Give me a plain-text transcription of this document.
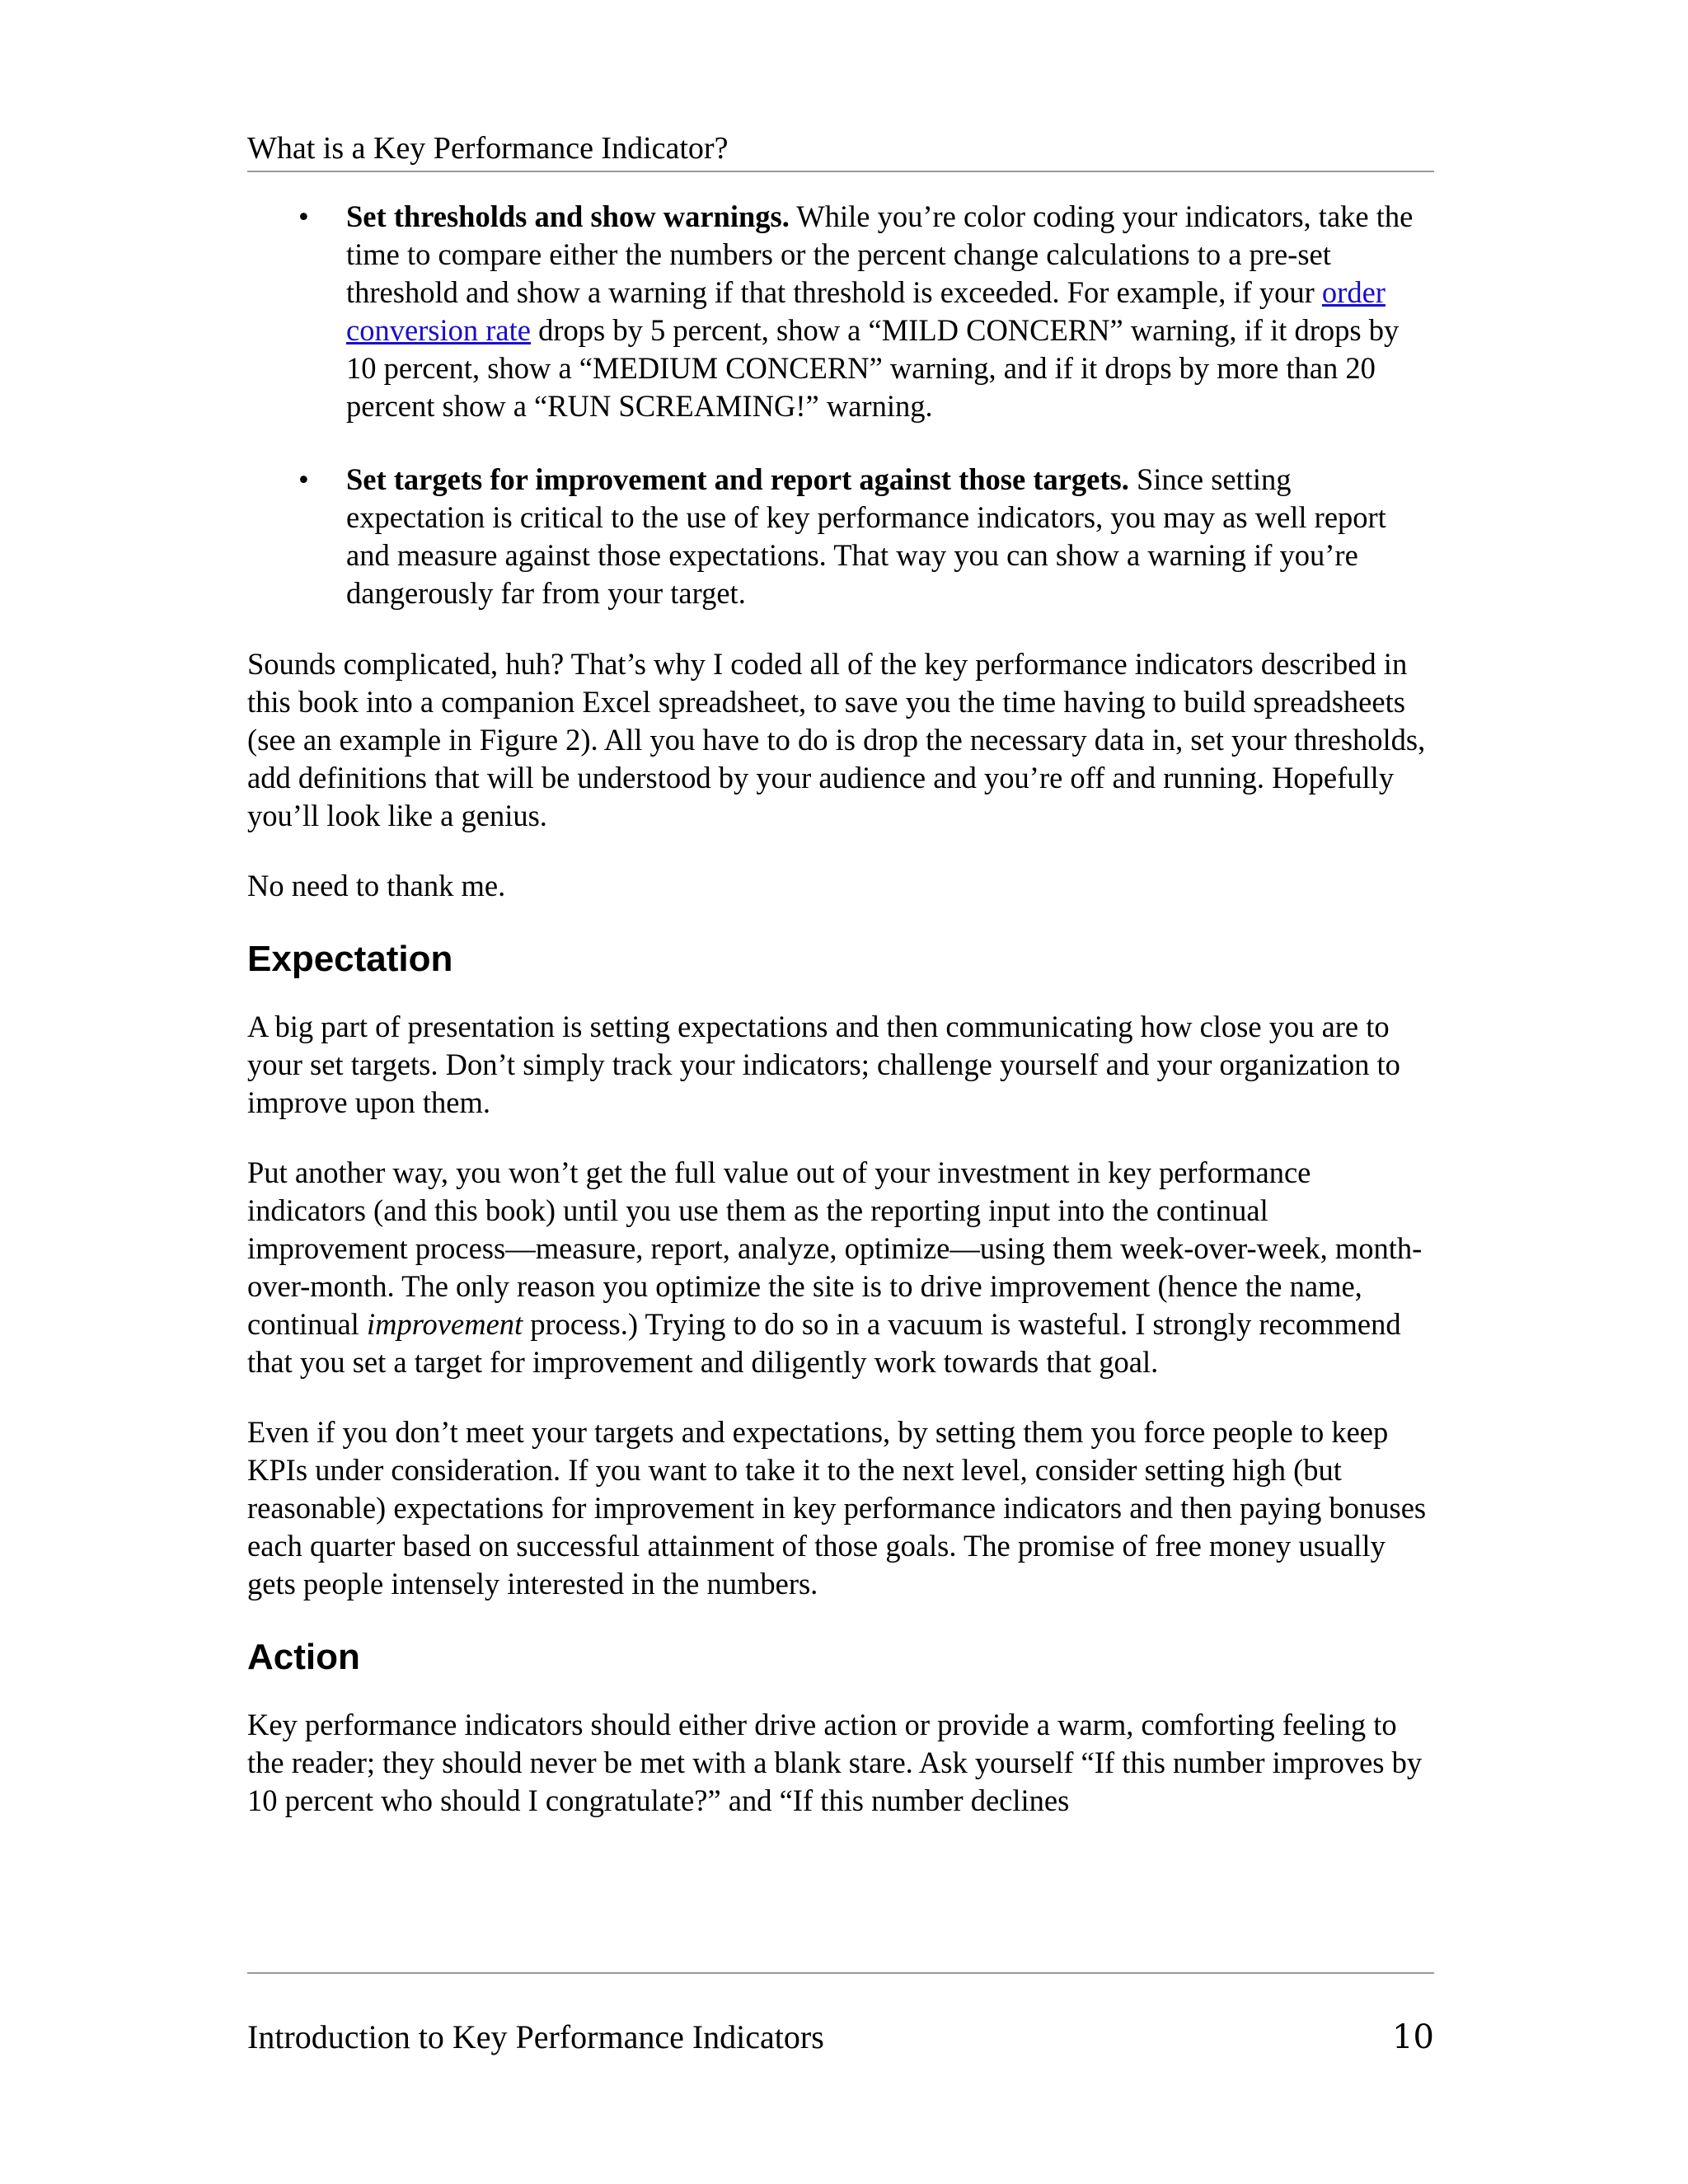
What is a Key Performance Indicator?
• Set thresholds and show warnings. While you’re color coding your indicators, take the time to compare either the numbers or the percent change calculations to a pre-set threshold and show a warning if that threshold is exceeded. For example, if your order conversion rate drops by 5 percent, show a “MILD CONCERN” warning, if it drops by 10 percent, show a “MEDIUM CONCERN” warning, and if it drops by more than 20 percent show a “RUN SCREAMING!” warning.
• Set targets for improvement and report against those targets. Since setting expectation is critical to the use of key performance indicators, you may as well report and measure against those expectations. That way you can show a warning if you’re dangerously far from your target.

Sounds complicated, huh? That’s why I coded all of the key performance indicators described in this book into a companion Excel spreadsheet, to save you the time having to build spreadsheets (see an example in Figure 2). All you have to do is drop the necessary data in, set your thresholds, add definitions that will be understood by your audience and you’re off and running. Hopefully you’ll look like a genius.

No need to thank me.

Expectation

A big part of presentation is setting expectations and then communicating how close you are to your set targets. Don’t simply track your indicators; challenge yourself and your organization to improve upon them.

Put another way, you won’t get the full value out of your investment in key performance indicators (and this book) until you use them as the reporting input into the continual improvement process—measure, report, analyze, optimize—using them week-over-week, month-over-month. The only reason you optimize the site is to drive improvement (hence the name, continual improvement process.) Trying to do so in a vacuum is wasteful. I strongly recommend that you set a target for improvement and diligently work towards that goal.

Even if you don’t meet your targets and expectations, by setting them you force people to keep KPIs under consideration. If you want to take it to the next level, consider setting high (but reasonable) expectations for improvement in key performance indicators and then paying bonuses each quarter based on successful attainment of those goals. The promise of free money usually gets people intensely interested in the numbers.

Action

Key performance indicators should either drive action or provide a warm, comforting feeling to the reader; they should never be met with a blank stare. Ask yourself “If this number improves by 10 percent who should I congratulate?” and “If this number declines

Introduction to Key Performance Indicators	10
